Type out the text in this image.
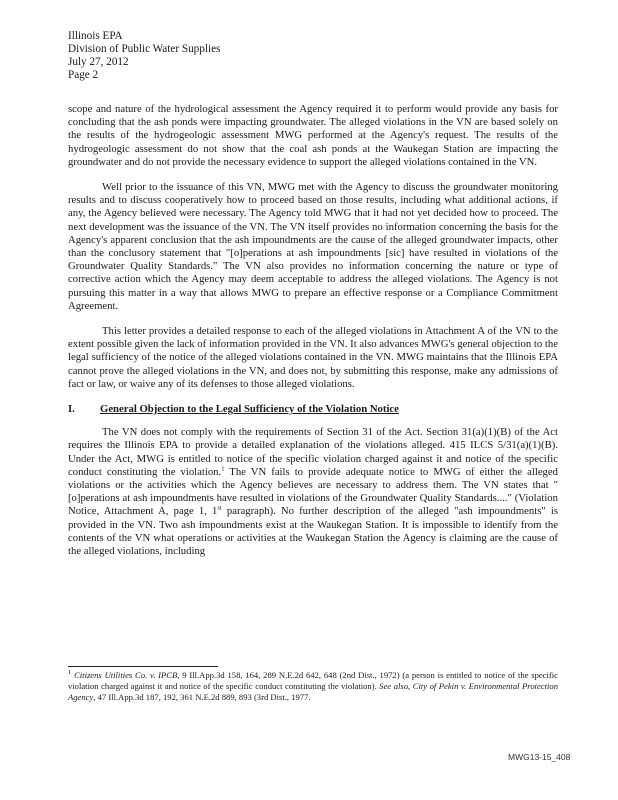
Illinois EPA
Division of Public Water Supplies
July 27, 2012
Page 2

scope and nature of the hydrological assessment the Agency required it to perform would provide any basis for concluding that the ash ponds were impacting groundwater. The alleged violations in the VN are based solely on the results of the hydrogeologic assessment MWG performed at the Agency's request. The results of the hydrogeologic assessment do not show that the coal ash ponds at the Waukegan Station are impacting the groundwater and do not provide the necessary evidence to support the alleged violations contained in the VN.

Well prior to the issuance of this VN, MWG met with the Agency to discuss the groundwater monitoring results and to discuss cooperatively how to proceed based on those results, including what additional actions, if any, the Agency believed were necessary. The Agency told MWG that it had not yet decided how to proceed. The next development was the issuance of the VN. The VN itself provides no information concerning the basis for the Agency's apparent conclusion that the ash impoundments are the cause of the alleged groundwater impacts, other than the conclusory statement that "[o]perations at ash impoundments [sic] have resulted in violations of the Groundwater Quality Standards." The VN also provides no information concerning the nature or type of corrective action which the Agency may deem acceptable to address the alleged violations. The Agency is not pursuing this matter in a way that allows MWG to prepare an effective response or a Compliance Commitment Agreement.

This letter provides a detailed response to each of the alleged violations in Attachment A of the VN to the extent possible given the lack of information provided in the VN. It also advances MWG's general objection to the legal sufficiency of the notice of the alleged violations contained in the VN. MWG maintains that the Illinois EPA cannot prove the alleged violations in the VN, and does not, by submitting this response, make any admissions of fact or law, or waive any of its defenses to those alleged violations.

I.	General Objection to the Legal Sufficiency of the Violation Notice

The VN does not comply with the requirements of Section 31 of the Act. Section 31(a)(1)(B) of the Act requires the Illinois EPA to provide a detailed explanation of the violations alleged. 415 ILCS 5/31(a)(1)(B). Under the Act, MWG is entitled to notice of the specific violation charged against it and notice of the specific conduct constituting the violation.$^1$ The VN fails to provide adequate notice to MWG of either the alleged violations or the activities which the Agency believes are necessary to address them. The VN states that "[o]perations at ash impoundments have resulted in violations of the Groundwater Quality Standards...." (Violation Notice, Attachment A, page 1, 1st paragraph). No further description of the alleged "ash impoundments" is provided in the VN. Two ash impoundments exist at the Waukegan Station. It is impossible to identify from the contents of the VN what operations or activities at the Waukegan Station the Agency is claiming are the cause of the alleged violations, including

$^1$ Citizens Utilities Co. v. IPCB, 9 Ill.App.3d 158, 164, 289 N.E.2d 642, 648 (2nd Dist., 1972) (a person is entitled to notice of the specific violation charged against it and notice of the specific conduct constituting the violation). See also, City of Pekin v. Environmental Protection Agency, 47 Ill.App.3d 187, 192, 361 N.E.2d 889, 893 (3rd Dist., 1977.
MWG13-15_408
